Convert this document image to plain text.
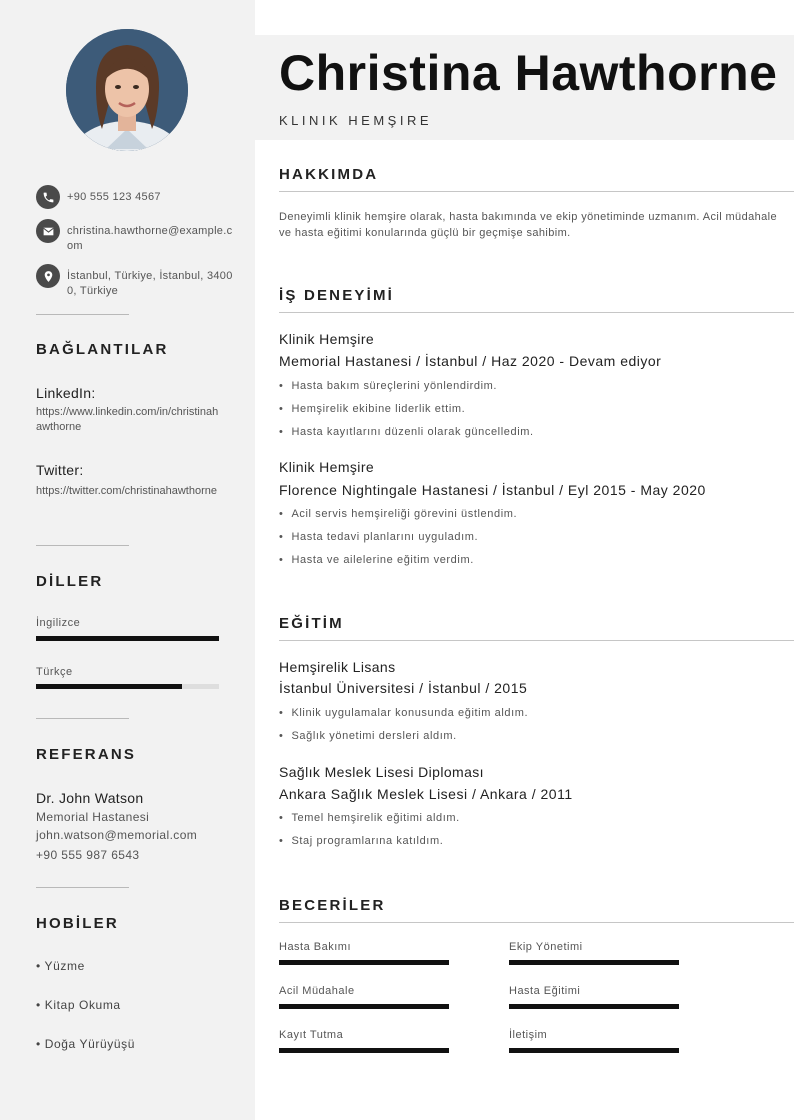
+90 555 123 4567
christina.hawthorne@example.com
İstanbul, Türkiye, İstanbul, 34000, Türkiye
BAĞLANTILAR
LinkedIn:
https://www.linkedin.com/in/christinahawthorne
Twitter:
https://twitter.com/christinahawthorne
DİLLER
İngilizce
Türkçe
REFERANS
Dr. John Watson
Memorial Hastanesi
john.watson@memorial.com
+90 555 987 6543
HOBİLER
• Yüzme
• Kitap Okuma
• Doğa Yürüyüşü
Christina Hawthorne
KLINIK HEMŞIRE
HAKKIMDA
Deneyimli klinik hemşire olarak, hasta bakımında ve ekip yönetiminde uzmanım. Acil müdahale ve hasta eğitimi konularında güçlü bir geçmişe sahibim.
İŞ DENEYİMİ
Klinik Hemşire
Memorial Hastanesi / İstanbul / Haz 2020 - Devam ediyor
• Hasta bakım süreçlerini yönlendirdim.
• Hemşirelik ekibine liderlik ettim.
• Hasta kayıtlarını düzenli olarak güncelledim.
Klinik Hemşire
Florence Nightingale Hastanesi / İstanbul / Eyl 2015 - May 2020
• Acil servis hemşireliği görevini üstlendim.
• Hasta tedavi planlarını uyguladım.
• Hasta ve ailelerine eğitim verdim.
EĞİTİM
Hemşirelik Lisans
İstanbul Üniversitesi / İstanbul / 2015
• Klinik uygulamalar konusunda eğitim aldım.
• Sağlık yönetimi dersleri aldım.
Sağlık Meslek Lisesi Diploması
Ankara Sağlık Meslek Lisesi / Ankara / 2011
• Temel hemşirelik eğitimi aldım.
• Staj programlarına katıldım.
BECERİLER
Hasta Bakımı	Ekip Yönetimi
Acil Müdahale	Hasta Eğitimi
Kayıt Tutma	İletişim
